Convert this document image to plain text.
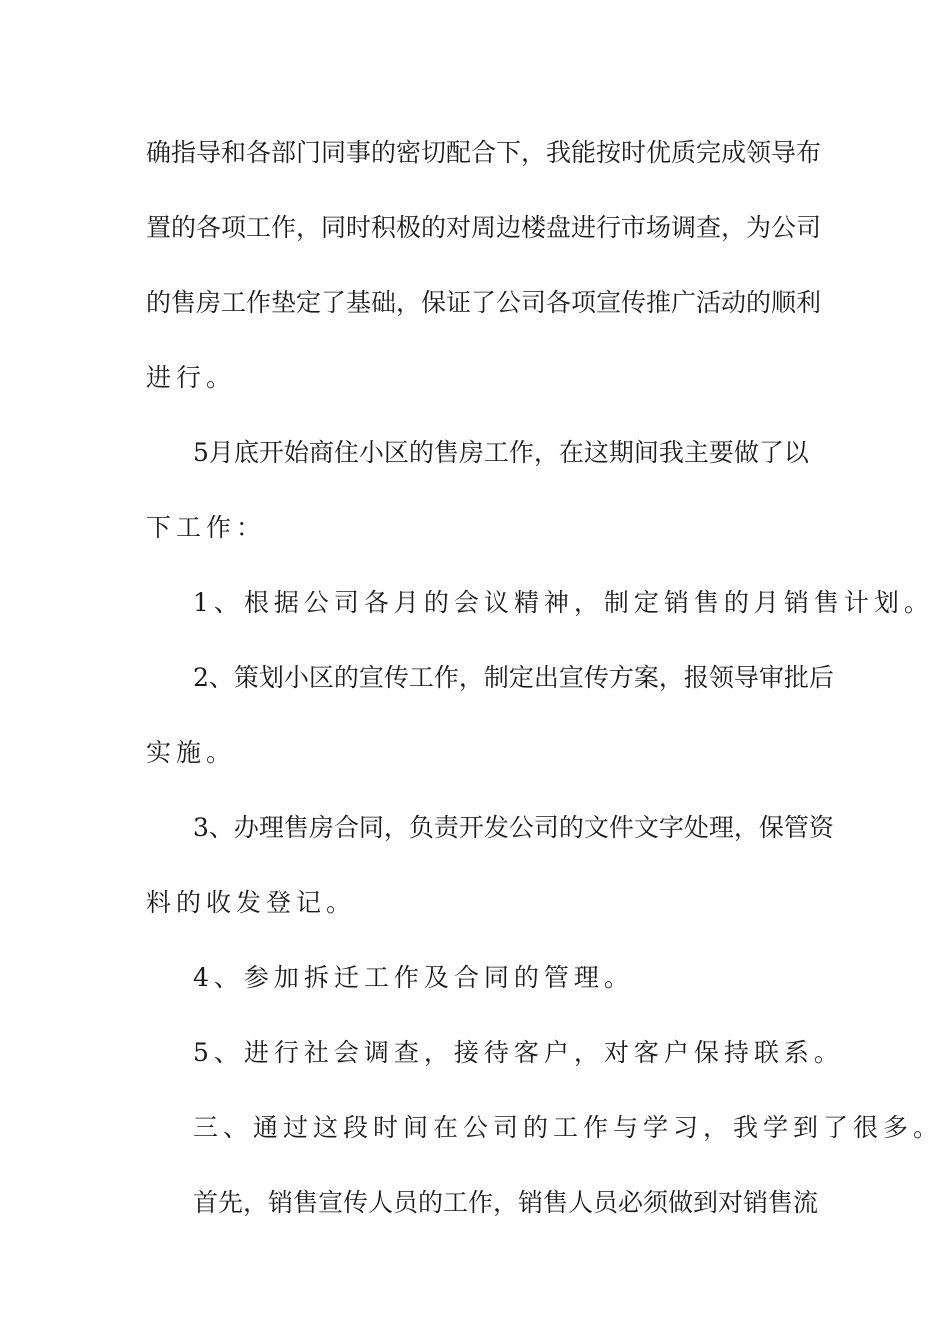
确指导和各部门同事的密切配合下，我能按时优质完成领导布
置的各项工作，同时积极的对周边楼盘进行市场调查，为公司
的售房工作垫定了基础，保证了公司各项宣传推广活动的顺利
进行。
5月底开始商住小区的售房工作，在这期间我主要做了以
下工作：
1、根据公司各月的会议精神，制定销售的月销售计划。
2、策划小区的宣传工作，制定出宣传方案，报领导审批后
实施。
3、办理售房合同，负责开发公司的文件文字处理，保管资
料的收发登记。
4、参加拆迁工作及合同的管理。
5、进行社会调查，接待客户，对客户保持联系。
三、通过这段时间在公司的工作与学习，我学到了很多。
首先，销售宣传人员的工作，销售人员必须做到对销售流
